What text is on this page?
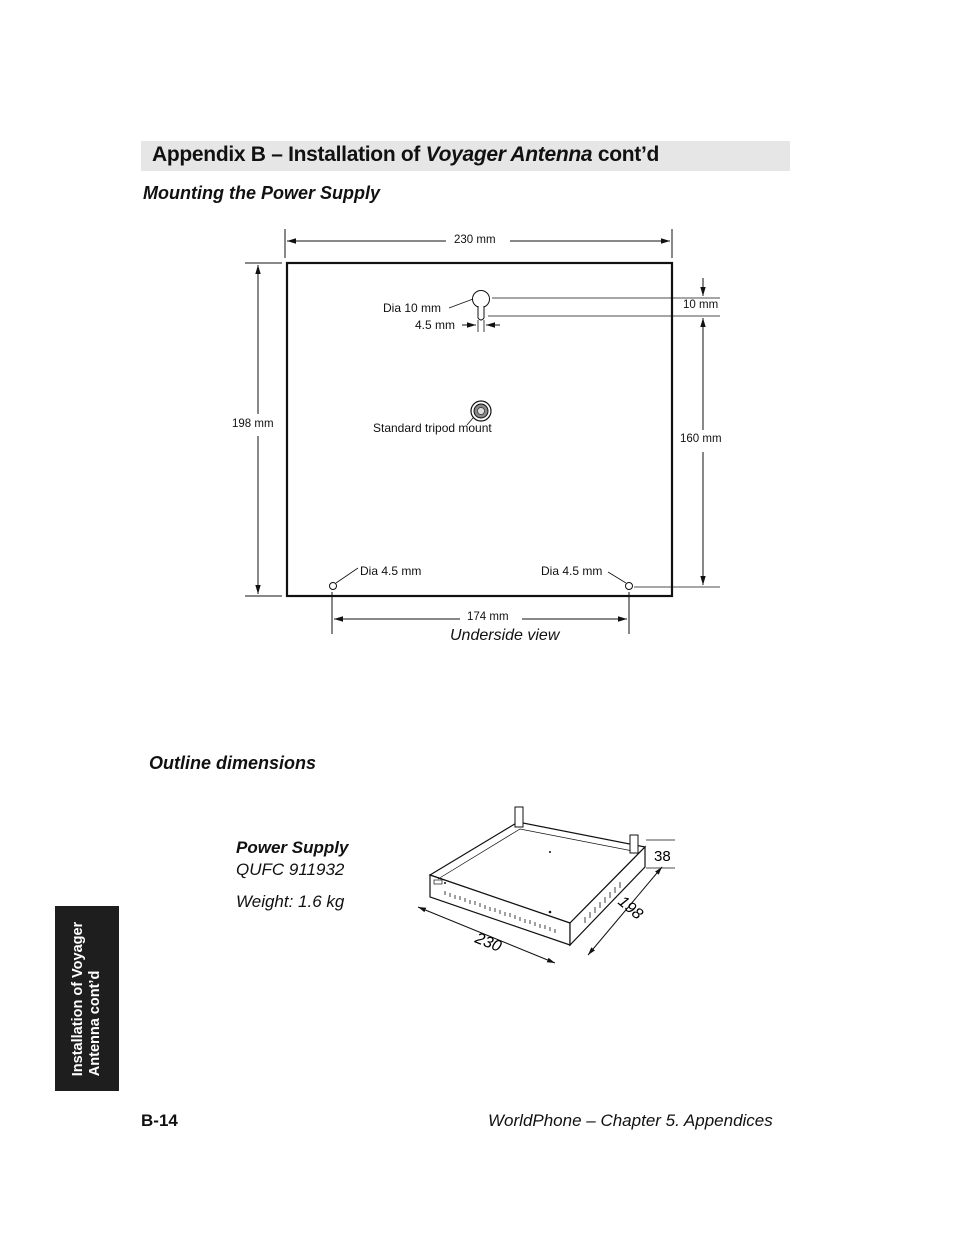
Appendix B – Installation of Voyager Antenna cont’d
Mounting the Power Supply
230 mm
198 mm
160 mm
10 mm
Dia 10 mm
4.5 mm
Standard tripod mount
Dia 4.5 mm	Dia 4.5 mm
174 mm
Underside view
Outline dimensions
Power Supply
QUFC 911932
Weight: 1.6 kg
230
198
38
Installation of Voyager Antenna cont’d
B-14	WorldPhone – Chapter 5. Appendices
